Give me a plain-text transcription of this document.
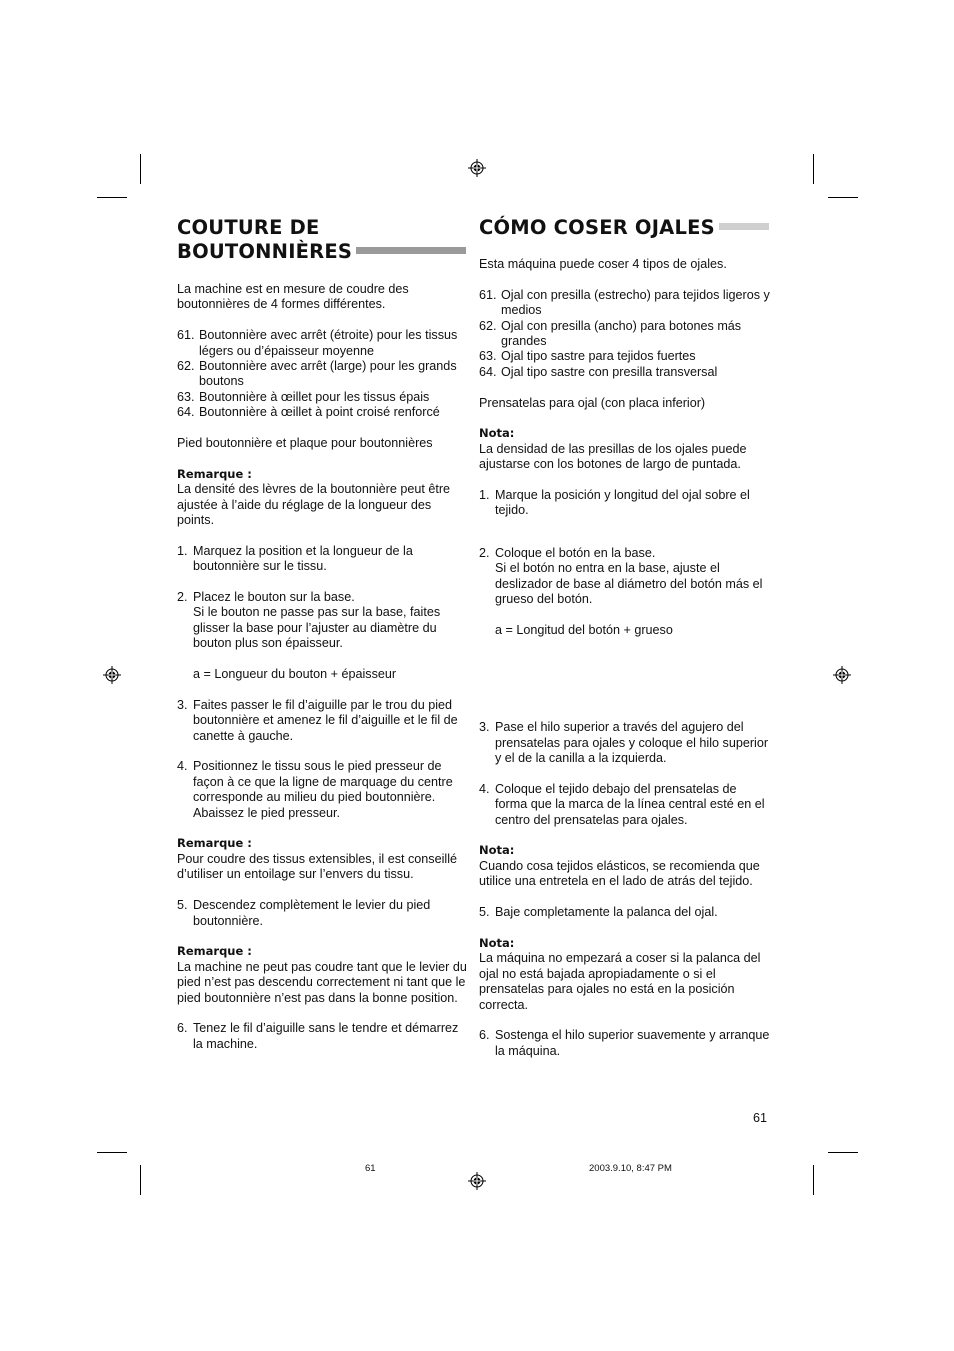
COUTURE DE
BOUTONNIÈRES

La machine est en mesure de coudre des boutonnières de 4 formes différentes.

61. Boutonnière avec arrêt (étroite) pour les tissus légers ou d’épaisseur moyenne

62. Boutonnière avec arrêt (large) pour les grands boutons

63. Boutonnière à œillet pour les tissus épais

64. Boutonnière à œillet à point croisé renforcé

Pied boutonnière et plaque pour boutonnières

Remarque :

La densité des lèvres de la boutonnière peut être ajustée à l’aide du réglage de la longueur des points.

1. Marquez la position et la longueur de la boutonnière sur le tissu.

2. Placez le bouton sur la base.
Si le bouton ne passe pas sur la base, faites glisser la base pour l’ajuster au diamètre du bouton plus son épaisseur.

a = Longueur du bouton + épaisseur

3. Faites passer le fil d’aiguille par le trou du pied boutonnière et amenez le fil d’aiguille et le fil de canette à gauche.

4. Positionnez le tissu sous le pied presseur de façon à ce que la ligne de marquage du centre corresponde au milieu du pied boutonnière. Abaissez le pied presseur.

Remarque :

Pour coudre des tissus extensibles, il est conseillé d’utiliser un entoilage sur l’envers du tissu.

5. Descendez complètement le levier du pied boutonnière.

Remarque :

La machine ne peut pas coudre tant que le levier du pied n’est pas descendu correctement ni tant que le pied boutonnière n’est pas dans la bonne position.

6. Tenez le fil d’aiguille sans le tendre et démarrez la machine.

CÓMO COSER OJALES

Esta máquina puede coser 4 tipos de ojales.

61. Ojal con presilla (estrecho) para tejidos ligeros y medios

62. Ojal con presilla (ancho) para botones más grandes

63. Ojal tipo sastre para tejidos fuertes

64. Ojal tipo sastre con presilla transversal

Prensatelas para ojal (con placa inferior)

Nota:

La densidad de las presillas de los ojales puede ajustarse con los botones de largo de puntada.

1. Marque la posición y longitud del ojal sobre el tejido.

2. Coloque el botón en la base.
Si el botón no entra en la base, ajuste el deslizador de base al diámetro del botón más el grueso del botón.

a = Longitud del botón + grueso

3. Pase el hilo superior a través del agujero del prensatelas para ojales y coloque el hilo superior y el de la canilla a la izquierda.

4. Coloque el tejido debajo del prensatelas de forma que la marca de la línea central esté en el centro del prensatelas para ojales.

Nota:

Cuando cosa tejidos elásticos, se recomienda que utilice una entretela en el lado de atrás del tejido.

5. Baje completamente la palanca del ojal.

Nota:

La máquina no empezará a coser si la palanca del ojal no está bajada apropiadamente o si el prensatelas para ojales no está en la posición correcta.

6. Sostenga el hilo superior suavemente y arranque la máquina.

61
61	2003.9.10, 8:47 PM
